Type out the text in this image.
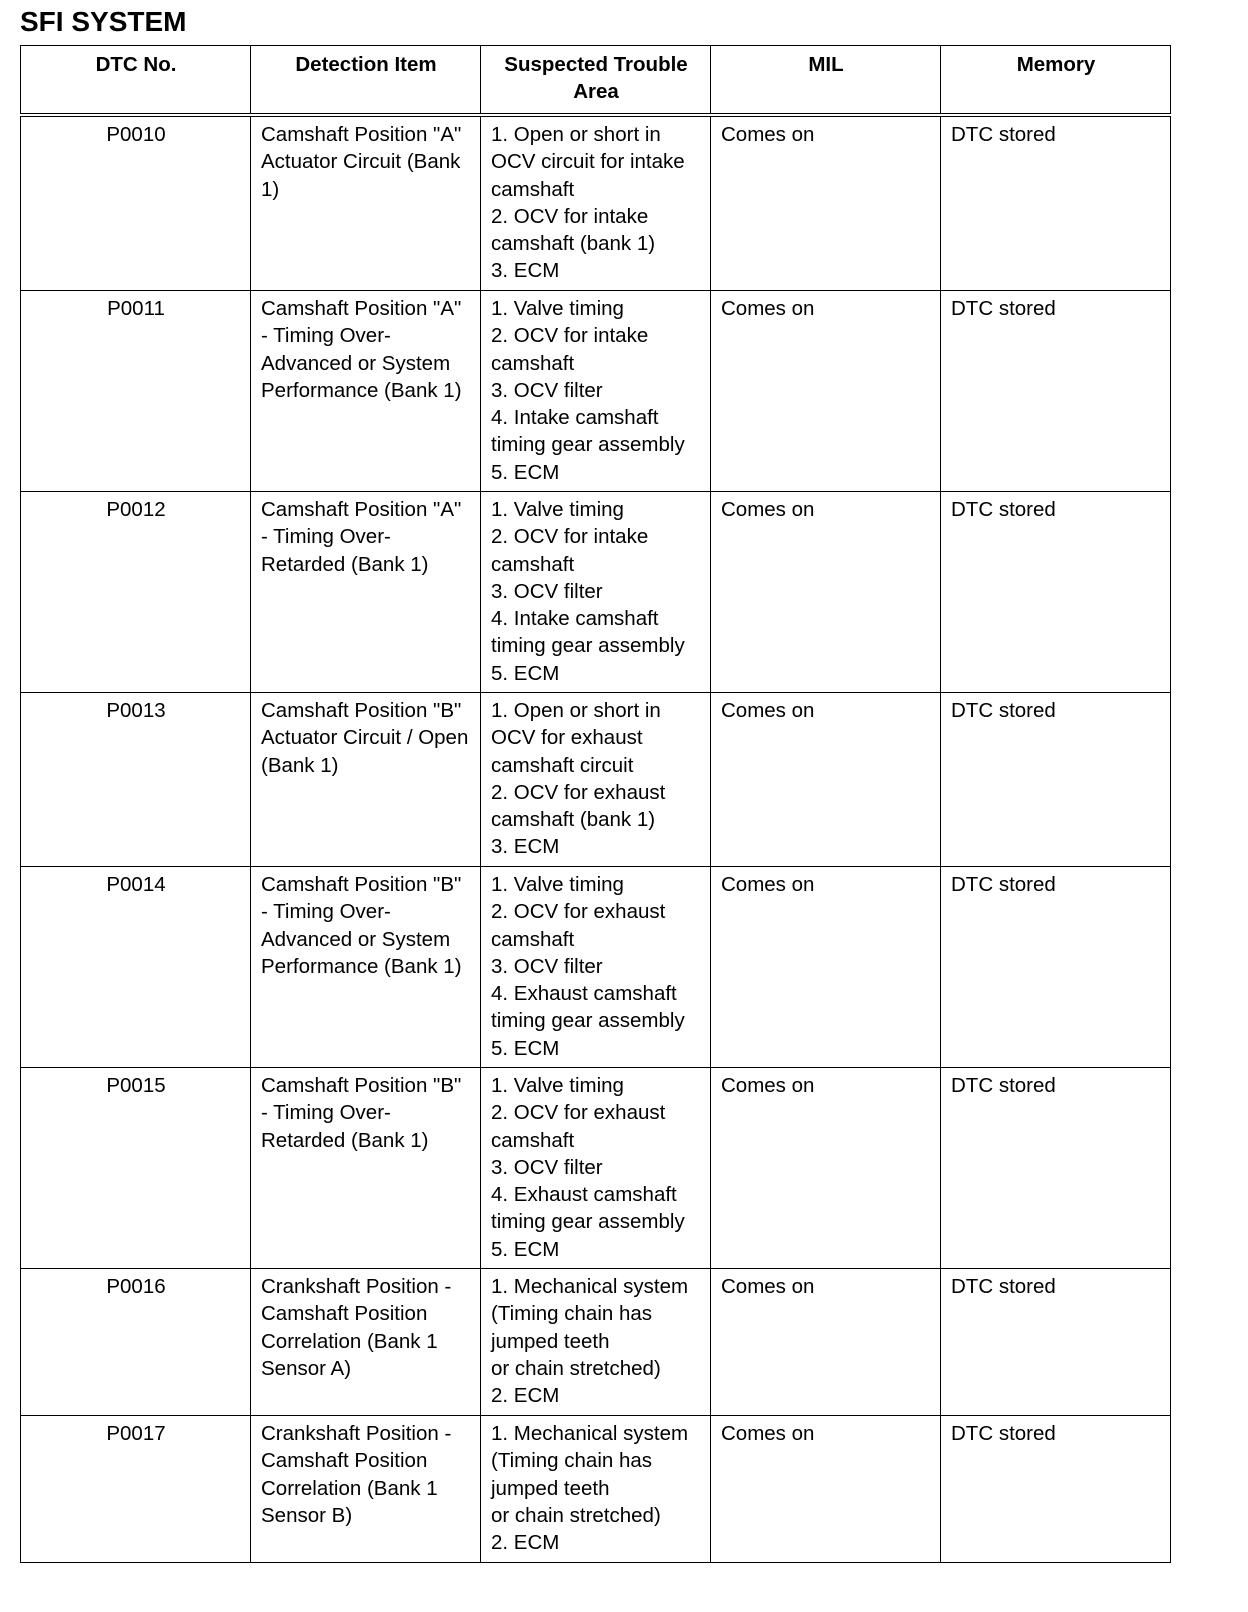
SFI SYSTEM
DTC No.	Detection Item	Suspected Trouble Area	MIL	Memory
P0010	Camshaft Position "A" Actuator Circuit (Bank 1)	1. Open or short in OCV circuit for intake camshaft
2. OCV for intake camshaft (bank 1)
3. ECM	Comes on	DTC stored
P0011	Camshaft Position "A" - Timing Over-Advanced or System Performance (Bank 1)	1. Valve timing
2. OCV for intake camshaft
3. OCV filter
4. Intake camshaft timing gear assembly
5. ECM	Comes on	DTC stored
P0012	Camshaft Position "A" - Timing Over-Retarded (Bank 1)	1. Valve timing
2. OCV for intake camshaft
3. OCV filter
4. Intake camshaft timing gear assembly
5. ECM	Comes on	DTC stored
P0013	Camshaft Position "B" Actuator Circuit / Open (Bank 1)	1. Open or short in OCV for exhaust camshaft circuit
2. OCV for exhaust camshaft (bank 1)
3. ECM	Comes on	DTC stored
P0014	Camshaft Position "B" - Timing Over-Advanced or System Performance (Bank 1)	1. Valve timing
2. OCV for exhaust camshaft
3. OCV filter
4. Exhaust camshaft timing gear assembly
5. ECM	Comes on	DTC stored
P0015	Camshaft Position "B" - Timing Over-Retarded (Bank 1)	1. Valve timing
2. OCV for exhaust camshaft
3. OCV filter
4. Exhaust camshaft timing gear assembly
5. ECM	Comes on	DTC stored
P0016	Crankshaft Position - Camshaft Position Correlation (Bank 1 Sensor A)	1. Mechanical system (Timing chain has jumped teeth
or chain stretched)
2. ECM	Comes on	DTC stored
P0017	Crankshaft Position - Camshaft Position Correlation (Bank 1 Sensor B)	1. Mechanical system (Timing chain has jumped teeth
or chain stretched)
2. ECM	Comes on	DTC stored
